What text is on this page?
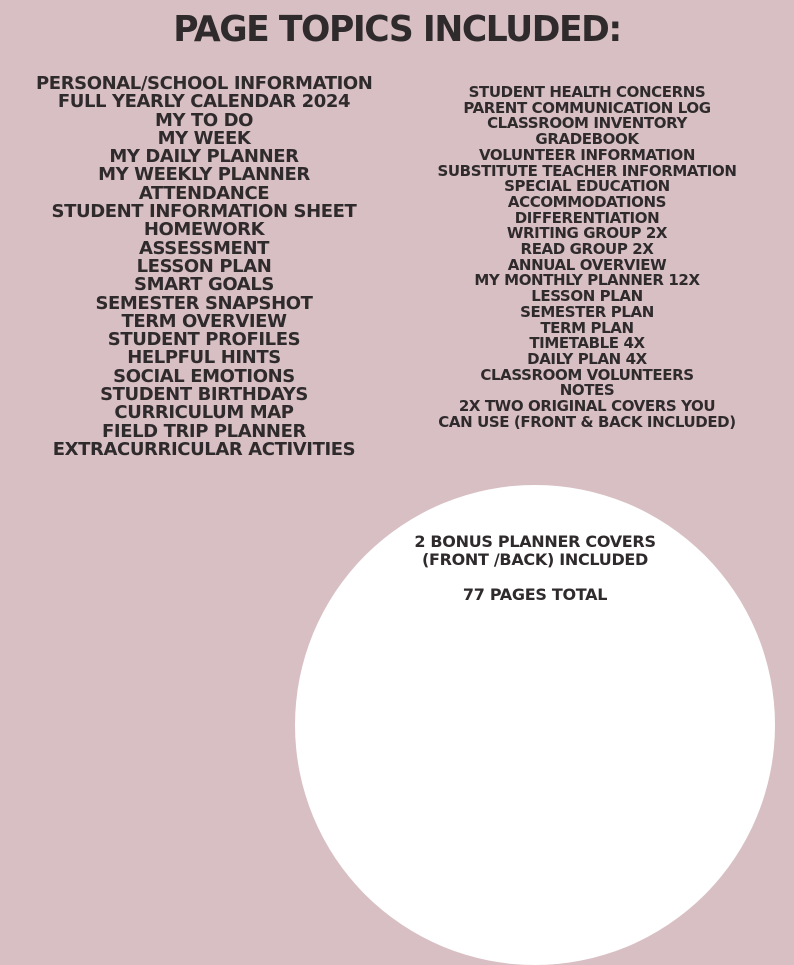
PAGE TOPICS INCLUDED:
PERSONAL/SCHOOL INFORMATION
FULL YEARLY CALENDAR 2024
MY TO DO
MY WEEK
MY DAILY PLANNER
MY WEEKLY PLANNER
ATTENDANCE
STUDENT INFORMATION SHEET
HOMEWORK
ASSESSMENT
LESSON PLAN
SMART GOALS
SEMESTER SNAPSHOT
TERM OVERVIEW
STUDENT PROFILES
HELPFUL HINTS
SOCIAL EMOTIONS
STUDENT BIRTHDAYS
CURRICULUM MAP
FIELD TRIP PLANNER
EXTRACURRICULAR ACTIVITIES
STUDENT HEALTH CONCERNS
PARENT COMMUNICATION LOG
CLASSROOM INVENTORY
GRADEBOOK
VOLUNTEER INFORMATION
SUBSTITUTE TEACHER INFORMATION
SPECIAL EDUCATION
ACCOMMODATIONS
DIFFERENTIATION
WRITING GROUP 2X
READ GROUP 2X
ANNUAL OVERVIEW
MY MONTHLY PLANNER 12X
LESSON PLAN
SEMESTER PLAN
TERM PLAN
TIMETABLE 4X
DAILY PLAN 4X
CLASSROOM VOLUNTEERS
NOTES
2X TWO ORIGINAL COVERS YOU
CAN USE (FRONT & BACK INCLUDED)
2 BONUS PLANNER COVERS
(FRONT /BACK) INCLUDED
77 PAGES TOTAL
